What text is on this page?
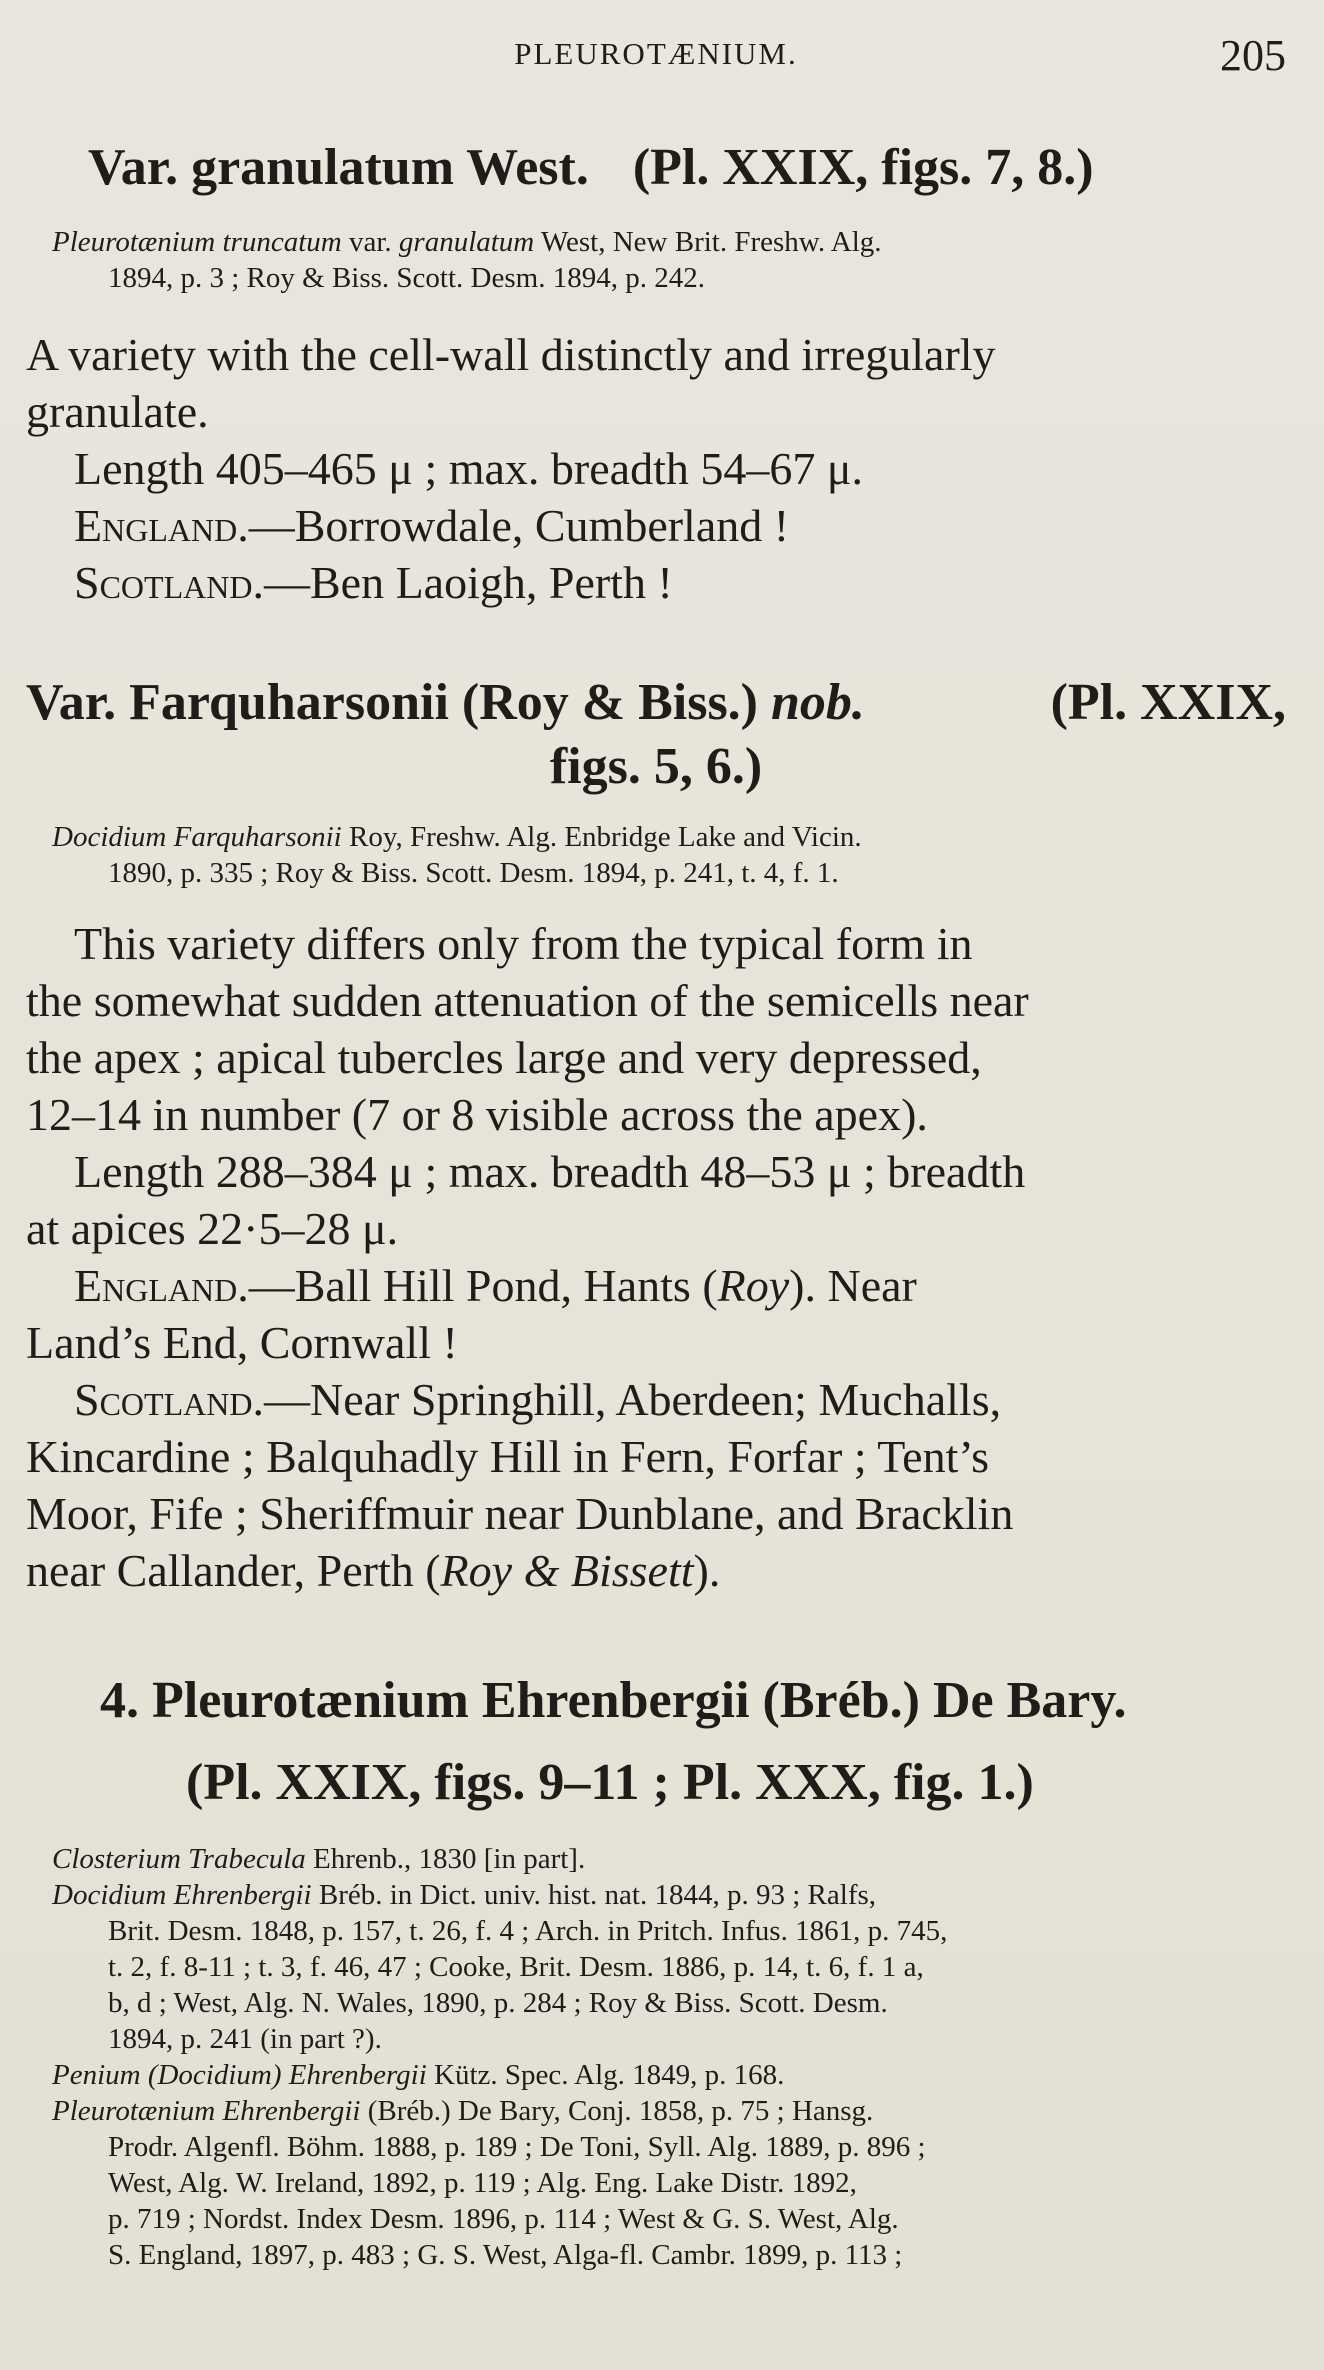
PLEUROTÆNIUM.	205
Var. granulatum West. (Pl. XXIX, figs. 7, 8.)

Pleurotænium truncatum var. granulatum West, New Brit. Freshw. Alg.
1894, p. 3 ; Roy & Biss. Scott. Desm. 1894, p. 242.

A variety with the cell-wall distinctly and irregularly
granulate.
Length 405–465 μ ; max. breadth 54–67 μ.
England.—Borrowdale, Cumberland !
Scotland.—Ben Laoigh, Perth !

Var. Farquharsonii (Roy & Biss.) nob.	(Pl. XXIX,
figs. 5, 6.)

Docidium Farquharsonii Roy, Freshw. Alg. Enbridge Lake and Vicin.
1890, p. 335 ; Roy & Biss. Scott. Desm. 1894, p. 241, t. 4, f. 1.

This variety differs only from the typical form in
the somewhat sudden attenuation of the semicells near
the apex ; apical tubercles large and very depressed,
12–14 in number (7 or 8 visible across the apex).
Length 288–384 μ ; max. breadth 48–53 μ ; breadth
at apices 22·5–28 μ.
England.—Ball Hill Pond, Hants (Roy). Near
Land’s End, Cornwall !
Scotland.—Near Springhill, Aberdeen; Muchalls,
Kincardine ; Balquhadly Hill in Fern, Forfar ; Tent’s
Moor, Fife ; Sheriffmuir near Dunblane, and Bracklin
near Callander, Perth (Roy & Bissett).

4. Pleurotænium Ehrenbergii (Bréb.) De Bary.
(Pl. XXIX, figs. 9–11 ; Pl. XXX, fig. 1.)

Closterium Trabecula Ehrenb., 1830 [in part].
Docidium Ehrenbergii Bréb. in Dict. univ. hist. nat. 1844, p. 93 ; Ralfs,
Brit. Desm. 1848, p. 157, t. 26, f. 4 ; Arch. in Pritch. Infus. 1861, p. 745,
t. 2, f. 8-11 ; t. 3, f. 46, 47 ; Cooke, Brit. Desm. 1886, p. 14, t. 6, f. 1 a,
b, d ; West, Alg. N. Wales, 1890, p. 284 ; Roy & Biss. Scott. Desm.
1894, p. 241 (in part ?).
Penium (Docidium) Ehrenbergii Kütz. Spec. Alg. 1849, p. 168.
Pleurotænium Ehrenbergii (Bréb.) De Bary, Conj. 1858, p. 75 ; Hansg.
Prodr. Algenfl. Böhm. 1888, p. 189 ; De Toni, Syll. Alg. 1889, p. 896 ;
West, Alg. W. Ireland, 1892, p. 119 ; Alg. Eng. Lake Distr. 1892,
p. 719 ; Nordst. Index Desm. 1896, p. 114 ; West & G. S. West, Alg.
S. England, 1897, p. 483 ; G. S. West, Alga-fl. Cambr. 1899, p. 113 ;
